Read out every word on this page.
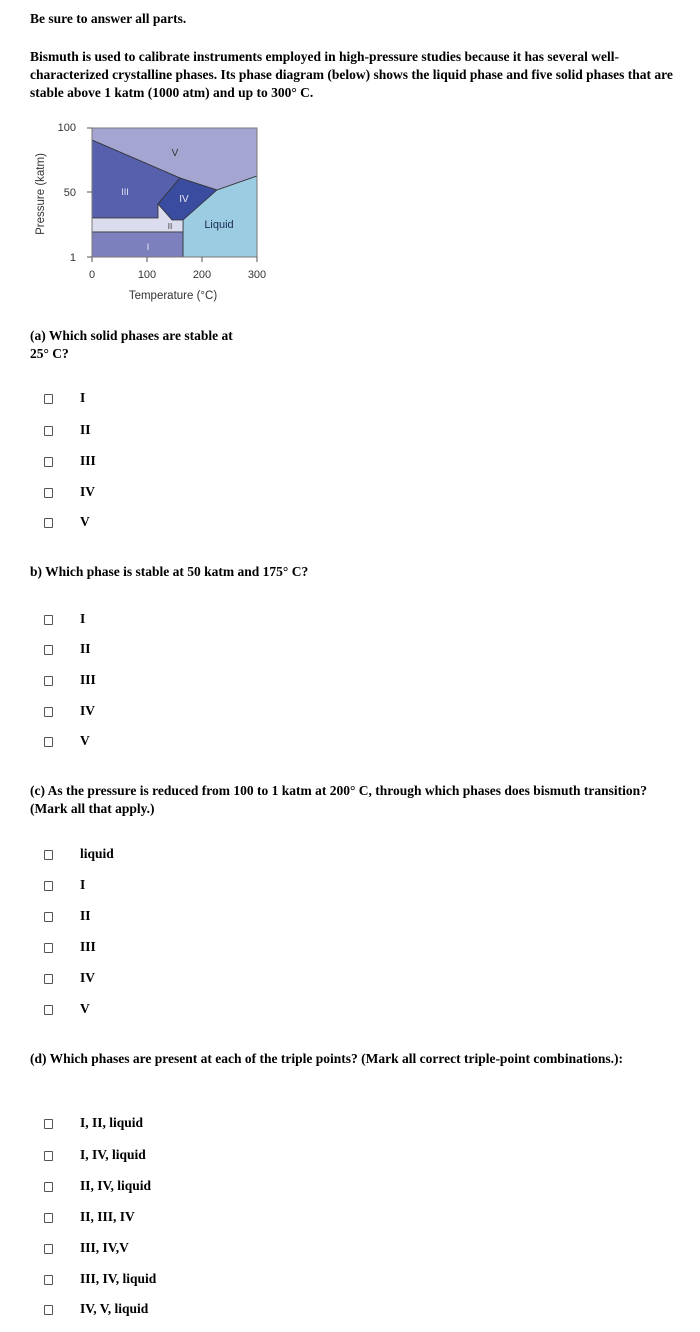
Be sure to answer all parts.
Bismuth is used to calibrate instruments employed in high-pressure studies because it has several well-characterized crystalline phases. Its phase diagram (below) shows the liquid phase and five solid phases that are stable above 1 katm (1000 atm) and up to 300° C.
V
III
IV
II	Liquid
I
100
50
1
0	100	200	300
Temperature (°C)
Pressure (katm)
(a) Which solid phases are stable at 25° C?
I
II
III
IV
V
b) Which phase is stable at 50 katm and 175° C?
I
II
III
IV
V
(c) As the pressure is reduced from 100 to 1 katm at 200° C, through which phases does bismuth transition? (Mark all that apply.)
liquid
I
II
III
IV
V
(d) Which phases are present at each of the triple points? (Mark all correct triple-point combinations.):
I, II, liquid
I, IV, liquid
II, IV, liquid
II, III, IV
III, IV,V
III, IV, liquid
IV, V, liquid
